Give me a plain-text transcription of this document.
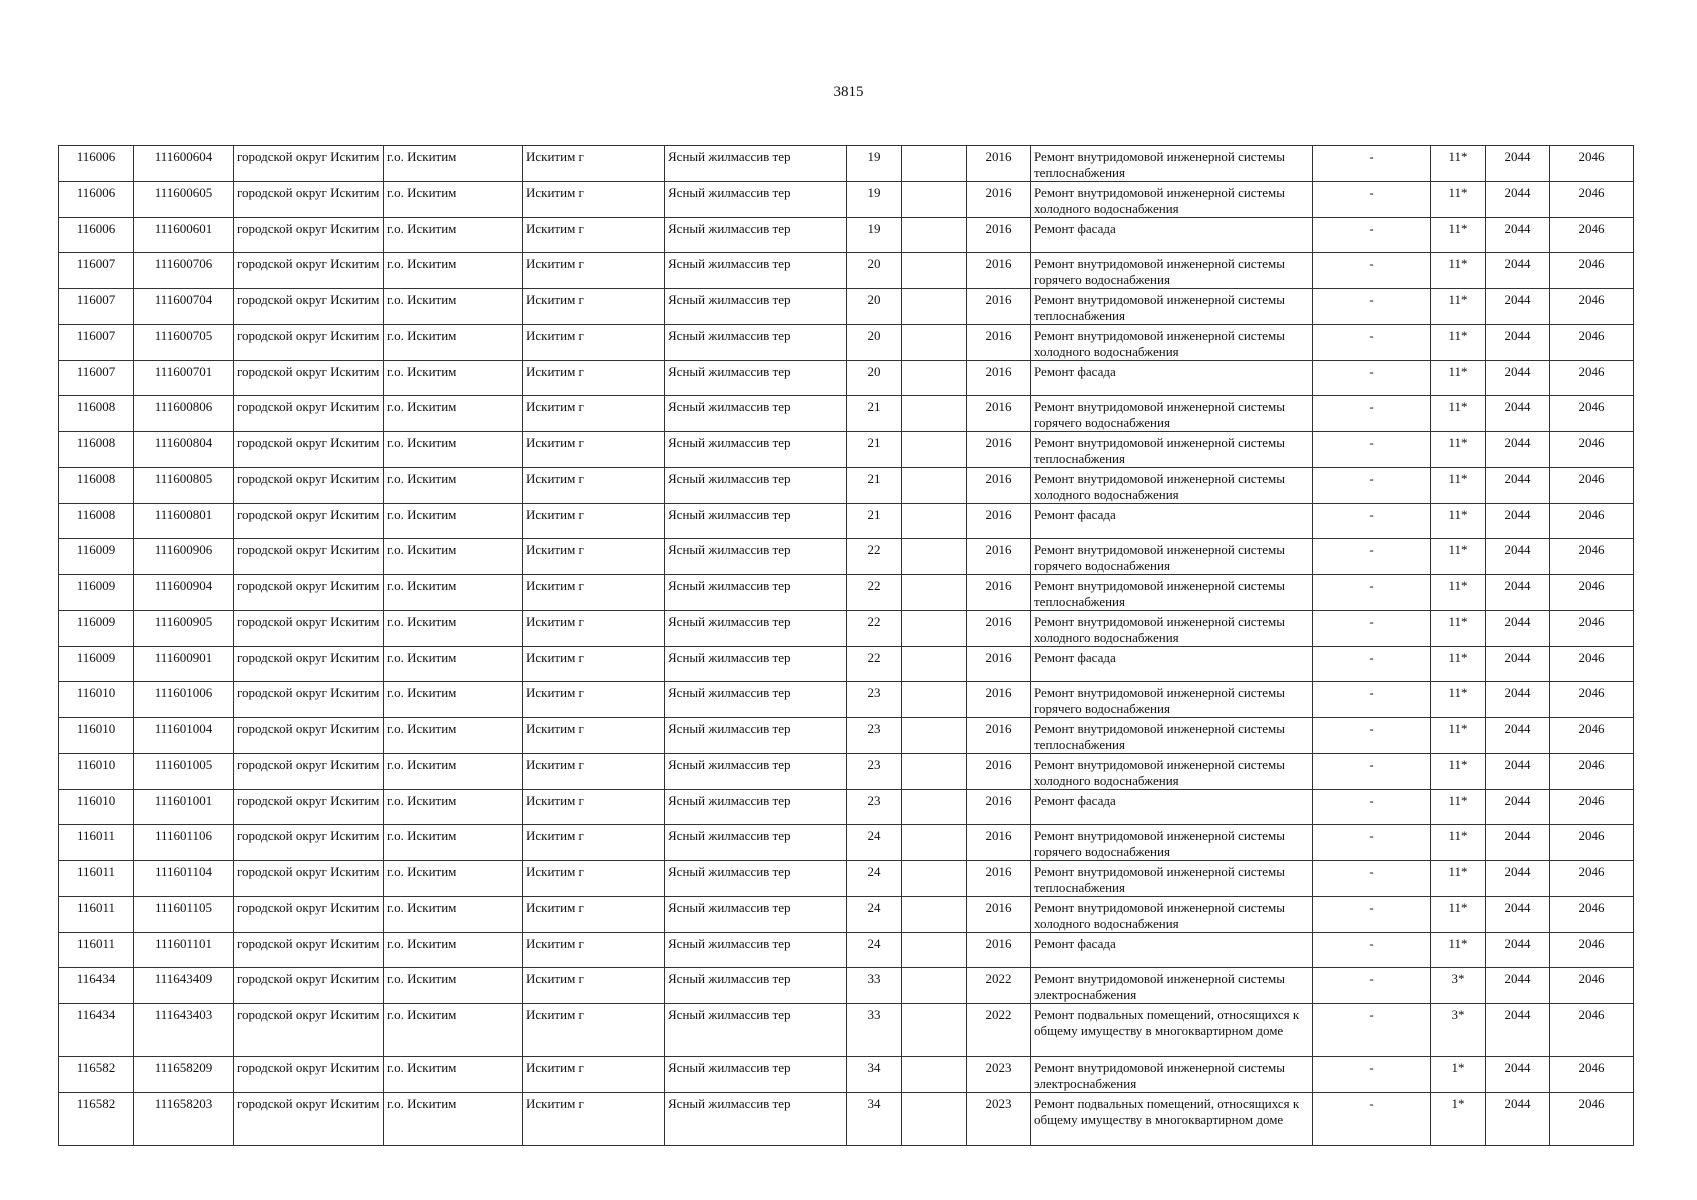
3815
116006	111600604	городской округ Искитим	г.о. Искитим	Искитим г	Ясный жилмассив тер	19		2016	Ремонт внутридомовой инженерной системы теплоснабжения	-	11*	2044	2046
116006	111600605	городской округ Искитим	г.о. Искитим	Искитим г	Ясный жилмассив тер	19		2016	Ремонт внутридомовой инженерной системы холодного водоснабжения	-	11*	2044	2046
116006	111600601	городской округ Искитим	г.о. Искитим	Искитим г	Ясный жилмассив тер	19		2016	Ремонт фасада	-	11*	2044	2046
116007	111600706	городской округ Искитим	г.о. Искитим	Искитим г	Ясный жилмассив тер	20		2016	Ремонт внутридомовой инженерной системы горячего водоснабжения	-	11*	2044	2046
116007	111600704	городской округ Искитим	г.о. Искитим	Искитим г	Ясный жилмассив тер	20		2016	Ремонт внутридомовой инженерной системы теплоснабжения	-	11*	2044	2046
116007	111600705	городской округ Искитим	г.о. Искитим	Искитим г	Ясный жилмассив тер	20		2016	Ремонт внутридомовой инженерной системы холодного водоснабжения	-	11*	2044	2046
116007	111600701	городской округ Искитим	г.о. Искитим	Искитим г	Ясный жилмассив тер	20		2016	Ремонт фасада	-	11*	2044	2046
116008	111600806	городской округ Искитим	г.о. Искитим	Искитим г	Ясный жилмассив тер	21		2016	Ремонт внутридомовой инженерной системы горячего водоснабжения	-	11*	2044	2046
116008	111600804	городской округ Искитим	г.о. Искитим	Искитим г	Ясный жилмассив тер	21		2016	Ремонт внутридомовой инженерной системы теплоснабжения	-	11*	2044	2046
116008	111600805	городской округ Искитим	г.о. Искитим	Искитим г	Ясный жилмассив тер	21		2016	Ремонт внутридомовой инженерной системы холодного водоснабжения	-	11*	2044	2046
116008	111600801	городской округ Искитим	г.о. Искитим	Искитим г	Ясный жилмассив тер	21		2016	Ремонт фасада	-	11*	2044	2046
116009	111600906	городской округ Искитим	г.о. Искитим	Искитим г	Ясный жилмассив тер	22		2016	Ремонт внутридомовой инженерной системы горячего водоснабжения	-	11*	2044	2046
116009	111600904	городской округ Искитим	г.о. Искитим	Искитим г	Ясный жилмассив тер	22		2016	Ремонт внутридомовой инженерной системы теплоснабжения	-	11*	2044	2046
116009	111600905	городской округ Искитим	г.о. Искитим	Искитим г	Ясный жилмассив тер	22		2016	Ремонт внутридомовой инженерной системы холодного водоснабжения	-	11*	2044	2046
116009	111600901	городской округ Искитим	г.о. Искитим	Искитим г	Ясный жилмассив тер	22		2016	Ремонт фасада	-	11*	2044	2046
116010	111601006	городской округ Искитим	г.о. Искитим	Искитим г	Ясный жилмассив тер	23		2016	Ремонт внутридомовой инженерной системы горячего водоснабжения	-	11*	2044	2046
116010	111601004	городской округ Искитим	г.о. Искитим	Искитим г	Ясный жилмассив тер	23		2016	Ремонт внутридомовой инженерной системы теплоснабжения	-	11*	2044	2046
116010	111601005	городской округ Искитим	г.о. Искитим	Искитим г	Ясный жилмассив тер	23		2016	Ремонт внутридомовой инженерной системы холодного водоснабжения	-	11*	2044	2046
116010	111601001	городской округ Искитим	г.о. Искитим	Искитим г	Ясный жилмассив тер	23		2016	Ремонт фасада	-	11*	2044	2046
116011	111601106	городской округ Искитим	г.о. Искитим	Искитим г	Ясный жилмассив тер	24		2016	Ремонт внутридомовой инженерной системы горячего водоснабжения	-	11*	2044	2046
116011	111601104	городской округ Искитим	г.о. Искитим	Искитим г	Ясный жилмассив тер	24		2016	Ремонт внутридомовой инженерной системы теплоснабжения	-	11*	2044	2046
116011	111601105	городской округ Искитим	г.о. Искитим	Искитим г	Ясный жилмассив тер	24		2016	Ремонт внутридомовой инженерной системы холодного водоснабжения	-	11*	2044	2046
116011	111601101	городской округ Искитим	г.о. Искитим	Искитим г	Ясный жилмассив тер	24		2016	Ремонт фасада	-	11*	2044	2046
116434	111643409	городской округ Искитим	г.о. Искитим	Искитим г	Ясный жилмассив тер	33		2022	Ремонт внутридомовой инженерной системы электроснабжения	-	3*	2044	2046
116434	111643403	городской округ Искитим	г.о. Искитим	Искитим г	Ясный жилмассив тер	33		2022	Ремонт подвальных помещений, относящихся к общему имуществу в многоквартирном доме	-	3*	2044	2046
116582	111658209	городской округ Искитим	г.о. Искитим	Искитим г	Ясный жилмассив тер	34		2023	Ремонт внутридомовой инженерной системы электроснабжения	-	1*	2044	2046
116582	111658203	городской округ Искитим	г.о. Искитим	Искитим г	Ясный жилмассив тер	34		2023	Ремонт подвальных помещений, относящихся к общему имуществу в многоквартирном доме	-	1*	2044	2046
